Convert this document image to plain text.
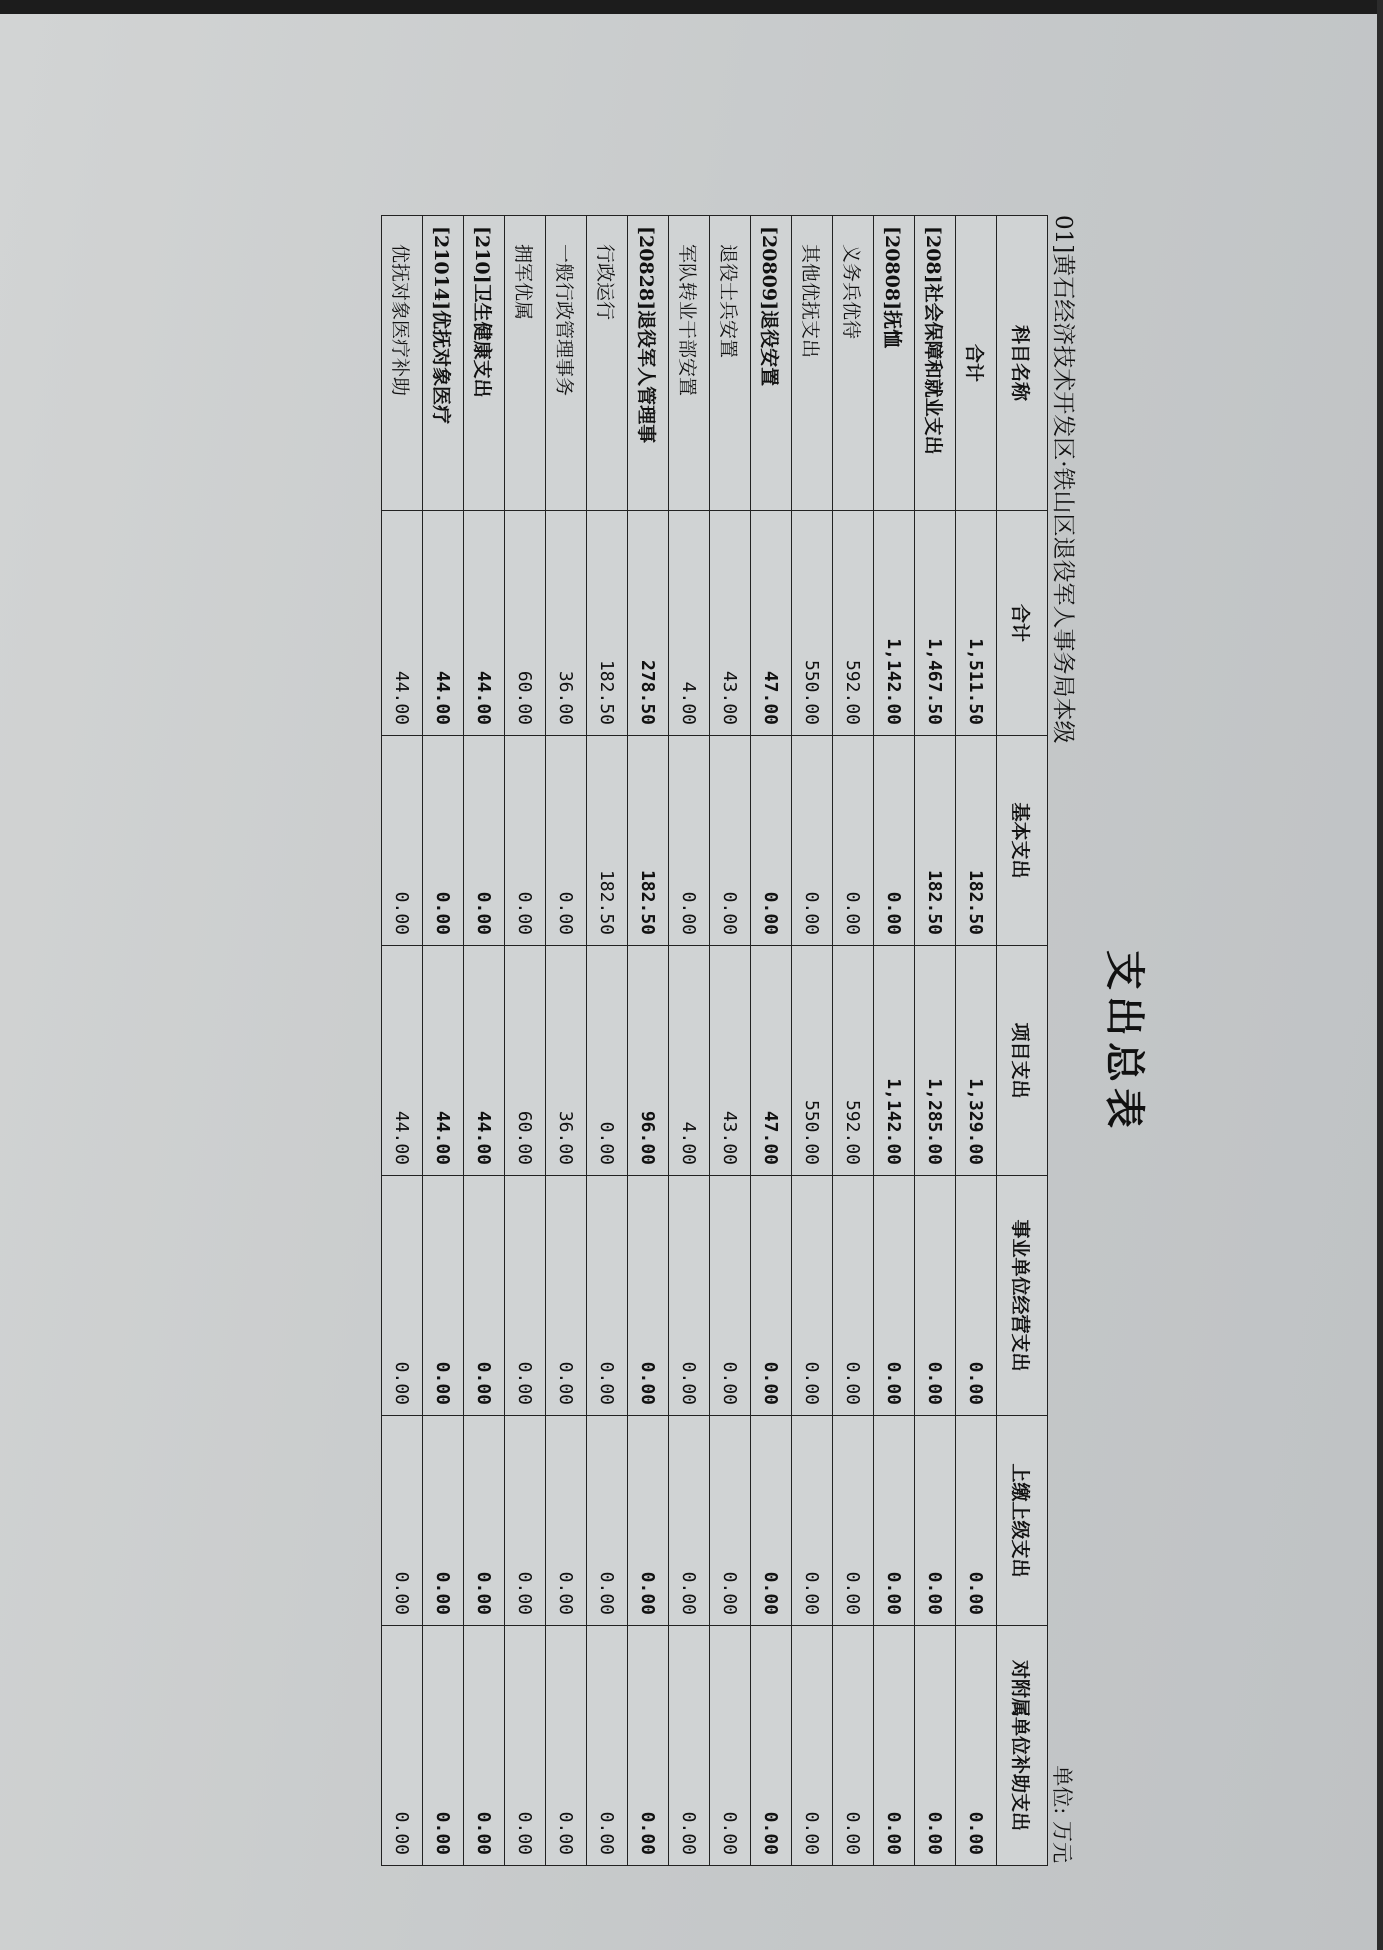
支出总表
01]黄石经济技术开发区·铁山区退役军人事务局本级
单位: 万元
科目名称	合计	基本支出	项目支出	事业单位经营支出	上缴上级支出	对附属单位补助支出
合计	1,511.50	182.50	1,329.00	0.00	0.00	0.00
[208]社会保障和就业支出	1,467.50	182.50	1,285.00	0.00	0.00	0.00
[20808]抚恤	1,142.00	0.00	1,142.00	0.00	0.00	0.00
义务兵优待	592.00	0.00	592.00	0.00	0.00	0.00
其他优抚支出	550.00	0.00	550.00	0.00	0.00	0.00
[20809]退役安置	47.00	0.00	47.00	0.00	0.00	0.00
退役士兵安置	43.00	0.00	43.00	0.00	0.00	0.00
军队转业干部安置	4.00	0.00	4.00	0.00	0.00	0.00
[20828]退役军人管理事	278.50	182.50	96.00	0.00	0.00	0.00
行政运行	182.50	182.50	0.00	0.00	0.00	0.00
一般行政管理事务	36.00	0.00	36.00	0.00	0.00	0.00
拥军优属	60.00	0.00	60.00	0.00	0.00	0.00
[210]卫生健康支出	44.00	0.00	44.00	0.00	0.00	0.00
[21014]优抚对象医疗	44.00	0.00	44.00	0.00	0.00	0.00
优抚对象医疗补助	44.00	0.00	44.00	0.00	0.00	0.00
